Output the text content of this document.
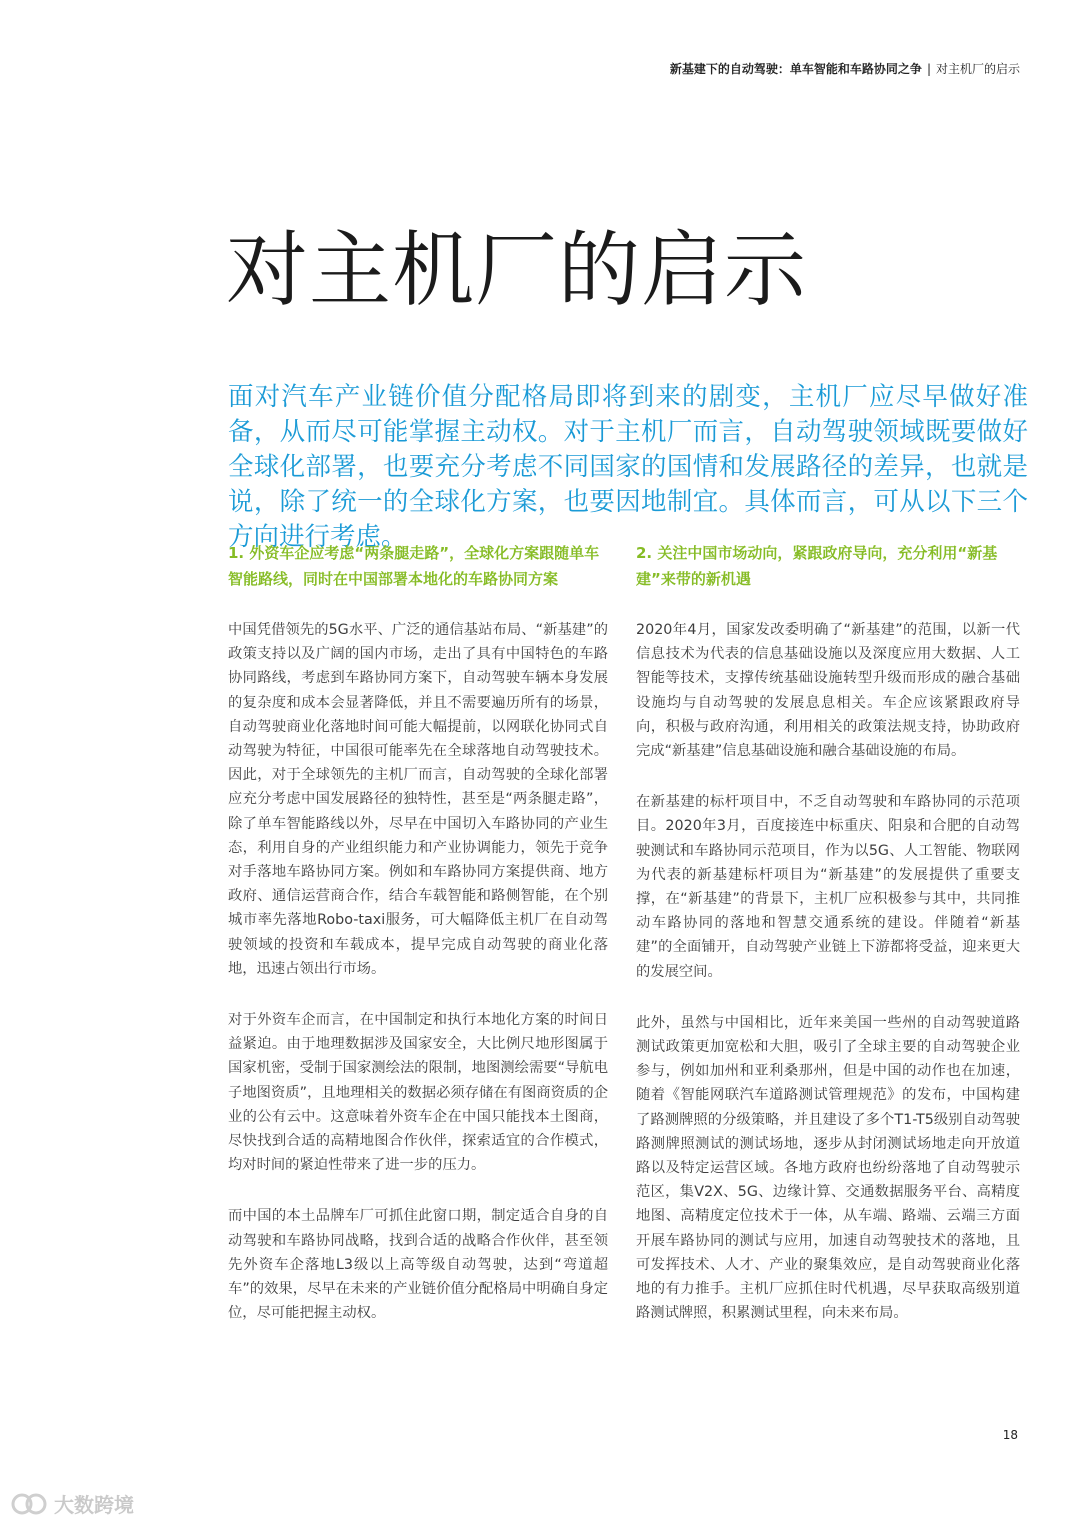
新基建下的自动驾驶：单车智能和车路协同之争 | 对主机厂的启示
对主机厂的启示

面对汽车产业链价值分配格局即将到来的剧变，主机厂应尽早做好准备，从而尽可能掌握主动权。对于主机厂而言，自动驾驶领域既要做好全球化部署，也要充分考虑不同国家的国情和发展路径的差异，也就是说，除了统一的全球化方案，也要因地制宜。具体而言，可从以下三个方向进行考虑。

1. 外资车企应考虑“两条腿走路”，全球化方案跟随单车智能路线，同时在中国部署本地化的车路协同方案

中国凭借领先的5G水平、广泛的通信基站布局、“新基建”的政策支持以及广阔的国内市场，走出了具有中国特色的车路协同路线，考虑到车路协同方案下，自动驾驶车辆本身发展的复杂度和成本会显著降低，并且不需要遍历所有的场景，自动驾驶商业化落地时间可能大幅提前，以网联化协同式自动驾驶为特征，中国很可能率先在全球落地自动驾驶技术。因此，对于全球领先的主机厂而言，自动驾驶的全球化部署应充分考虑中国发展路径的独特性，甚至是“两条腿走路”，除了单车智能路线以外，尽早在中国切入车路协同的产业生态，利用自身的产业组织能力和产业协调能力，领先于竞争对手落地车路协同方案。例如和车路协同方案提供商、地方政府、通信运营商合作，结合车载智能和路侧智能，在个别城市率先落地Robo-taxi服务，可大幅降低主机厂在自动驾驶领域的投资和车载成本，提早完成自动驾驶的商业化落地，迅速占领出行市场。

对于外资车企而言，在中国制定和执行本地化方案的时间日益紧迫。由于地理数据涉及国家安全，大比例尺地形图属于国家机密，受制于国家测绘法的限制，地图测绘需要“导航电子地图资质”，且地理相关的数据必须存储在有图商资质的企业的公有云中。这意味着外资车企在中国只能找本土图商，尽快找到合适的高精地图合作伙伴，探索适宜的合作模式，均对时间的紧迫性带来了进一步的压力。

而中国的本土品牌车厂可抓住此窗口期，制定适合自身的自动驾驶和车路协同战略，找到合适的战略合作伙伴，甚至领先外资车企落地L3级以上高等级自动驾驶，达到“弯道超车”的效果，尽早在未来的产业链价值分配格局中明确自身定位，尽可能把握主动权。

2. 关注中国市场动向，紧跟政府导向，充分利用“新基建”来带的新机遇

2020年4月，国家发改委明确了“新基建”的范围，以新一代信息技术为代表的信息基础设施以及深度应用大数据、人工智能等技术，支撑传统基础设施转型升级而形成的融合基础设施均与自动驾驶的发展息息相关。车企应该紧跟政府导向，积极与政府沟通，利用相关的政策法规支持，协助政府完成“新基建”信息基础设施和融合基础设施的布局。

在新基建的标杆项目中，不乏自动驾驶和车路协同的示范项目。2020年3月，百度接连中标重庆、阳泉和合肥的自动驾驶测试和车路协同示范项目，作为以5G、人工智能、物联网为代表的新基建标杆项目为“新基建”的发展提供了重要支撑，在“新基建”的背景下，主机厂应积极参与其中，共同推动车路协同的落地和智慧交通系统的建设。伴随着“新基建”的全面铺开，自动驾驶产业链上下游都将受益，迎来更大的发展空间。

此外，虽然与中国相比，近年来美国一些州的自动驾驶道路测试政策更加宽松和大胆，吸引了全球主要的自动驾驶企业参与，例如加州和亚利桑那州，但是中国的动作也在加速，随着《智能网联汽车道路测试管理规范》的发布，中国构建了路测牌照的分级策略，并且建设了多个T1-T5级别自动驾驶路测牌照测试的测试场地，逐步从封闭测试场地走向开放道路以及特定运营区域。各地方政府也纷纷落地了自动驾驶示范区，集V2X、5G、边缘计算、交通数据服务平台、高精度地图、高精度定位技术于一体，从车端、路端、云端三方面开展车路协同的测试与应用，加速自动驾驶技术的落地，且可发挥技术、人才、产业的聚集效应，是自动驾驶商业化落地的有力推手。主机厂应抓住时代机遇，尽早获取高级别道路测试牌照，积累测试里程，向未来布局。

18
大数跨境
